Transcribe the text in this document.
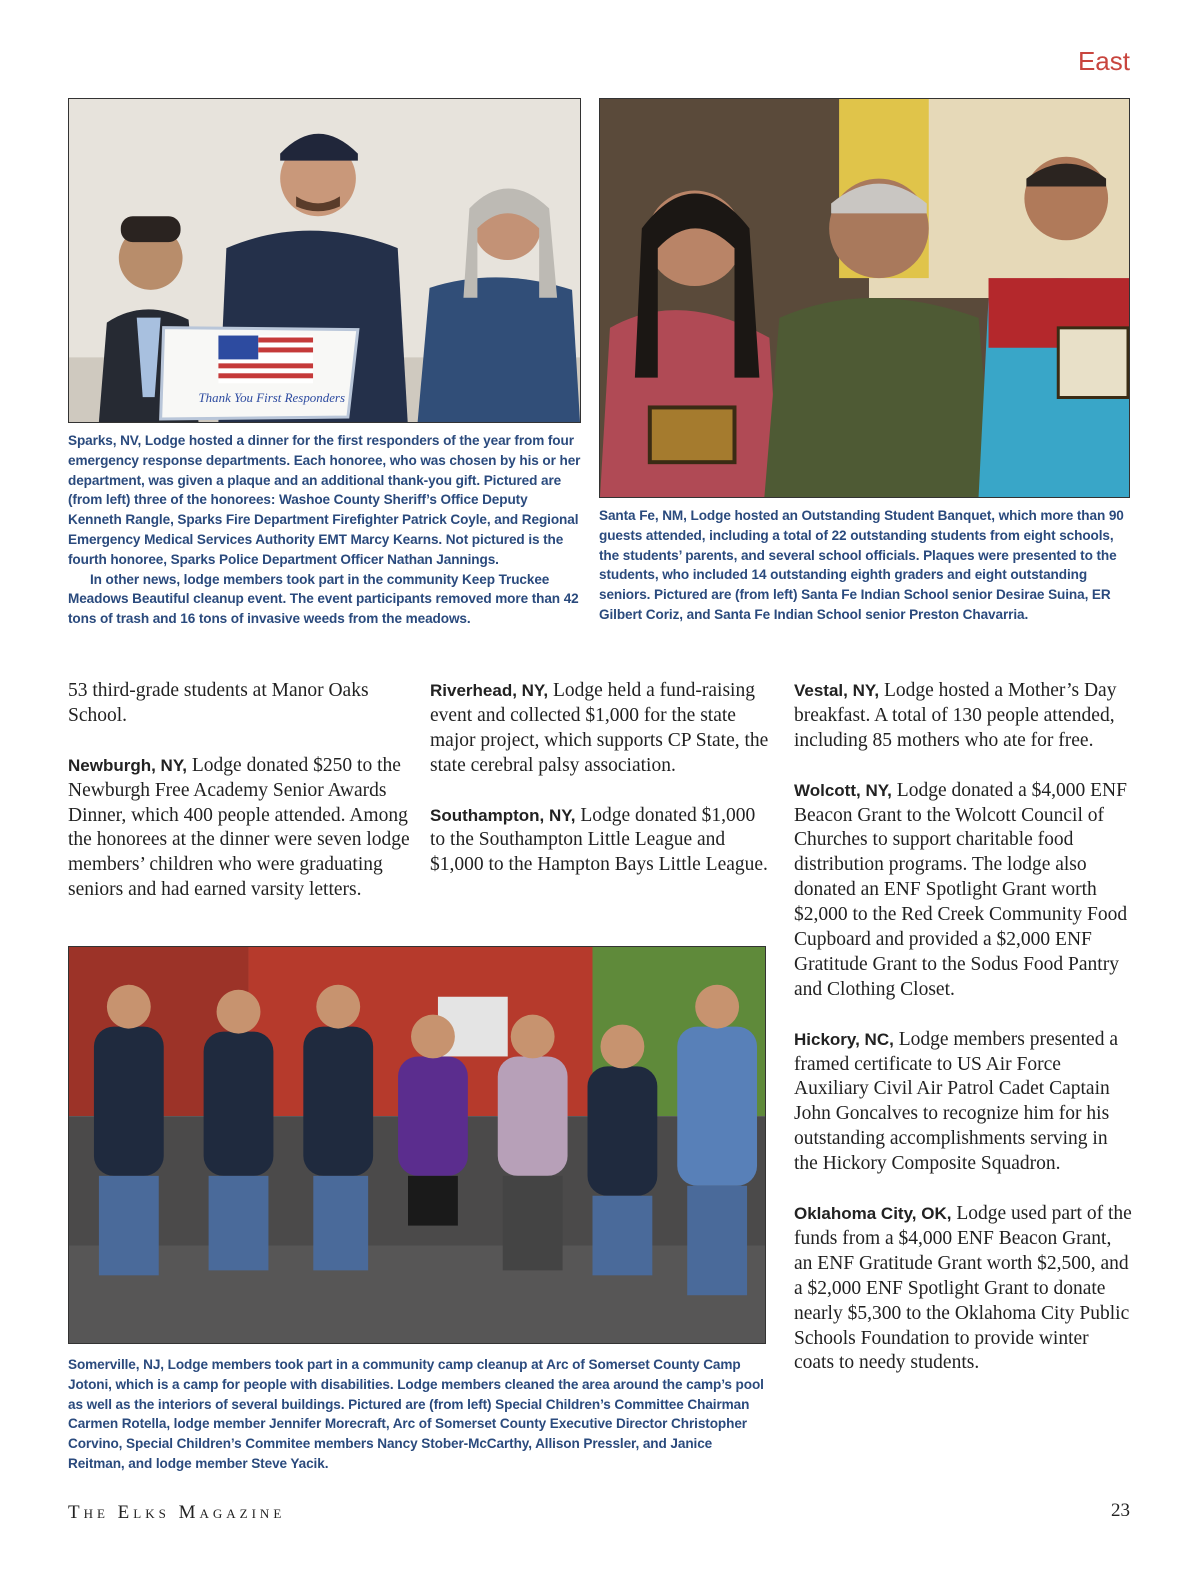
East
Thank You First Responders

Sparks, NV, Lodge hosted a dinner for the first responders of the year from four emergency response departments. Each honoree, who was chosen by his or her department, was given a plaque and an additional thank-you gift. Pictured are (from left) three of the honorees: Washoe County Sheriff’s Office Deputy Kenneth Rangle, Sparks Fire Department Firefighter Patrick Coyle, and Regional Emergency Medical Services Authority EMT Marcy Kearns. Not pictured is the fourth honoree, Sparks Police Department Officer Nathan Jannings.

In other news, lodge members took part in the community Keep Truckee Meadows Beautiful cleanup event. The event participants removed more than 42 tons of trash and 16 tons of invasive weeds from the meadows.

Santa Fe, NM, Lodge hosted an Outstanding Student Banquet, which more than 90 guests attended, including a total of 22 outstanding students from eight schools, the students’ parents, and several school officials. Plaques were presented to the students, who included 14 outstanding eighth graders and eight outstanding seniors. Pictured are (from left) Santa Fe Indian School senior Desirae Suina, ER Gilbert Coriz, and Santa Fe Indian School senior Preston Chavarria.

53 third-grade students at Manor Oaks School.

Newburgh, NY, Lodge donated $250 to the Newburgh Free Academy Senior Awards Dinner, which 400 people attended. Among the honorees at the dinner were seven lodge members’ children who were graduating seniors and had earned varsity letters.

Riverhead, NY, Lodge held a fund-raising event and collected $1,000 for the state major project, which supports CP State, the state cerebral palsy association.

Southampton, NY, Lodge donated $1,000 to the Southampton Little League and $1,000 to the Hampton Bays Little League.

Vestal, NY, Lodge hosted a Mother’s Day breakfast. A total of 130 people attended, including 85 mothers who ate for free.

Wolcott, NY, Lodge donated a $4,000 ENF Beacon Grant to the Wolcott Council of Churches to support charitable food distribution programs. The lodge also donated an ENF Spotlight Grant worth $2,000 to the Red Creek Community Food Cupboard and provided a $2,000 ENF Gratitude Grant to the Sodus Food Pantry and Clothing Closet.

Hickory, NC, Lodge members presented a framed certificate to US Air Force Auxiliary Civil Air Patrol Cadet Captain John Goncalves to recognize him for his outstanding accomplishments serving in the Hickory Composite Squadron.

Oklahoma City, OK, Lodge used part of the funds from a $4,000 ENF Beacon Grant, an ENF Gratitude Grant worth $2,500, and a $2,000 ENF Spotlight Grant to donate nearly $5,300 to the Oklahoma City Public Schools Foundation to provide winter coats to needy students.

Somerville, NJ, Lodge members took part in a community camp cleanup at Arc of Somerset County Camp Jotoni, which is a camp for people with disabilities. Lodge members cleaned the area around the camp’s pool as well as the interiors of several buildings. Pictured are (from left) Special Children’s Committee Chairman Carmen Rotella, lodge member Jennifer Morecraft, Arc of Somerset County Executive Director Christopher Corvino, Special Children’s Commitee members Nancy Stober-McCarthy, Allison Pressler, and Janice Reitman, and lodge member Steve Yacik.

The Elks Magazine	23
